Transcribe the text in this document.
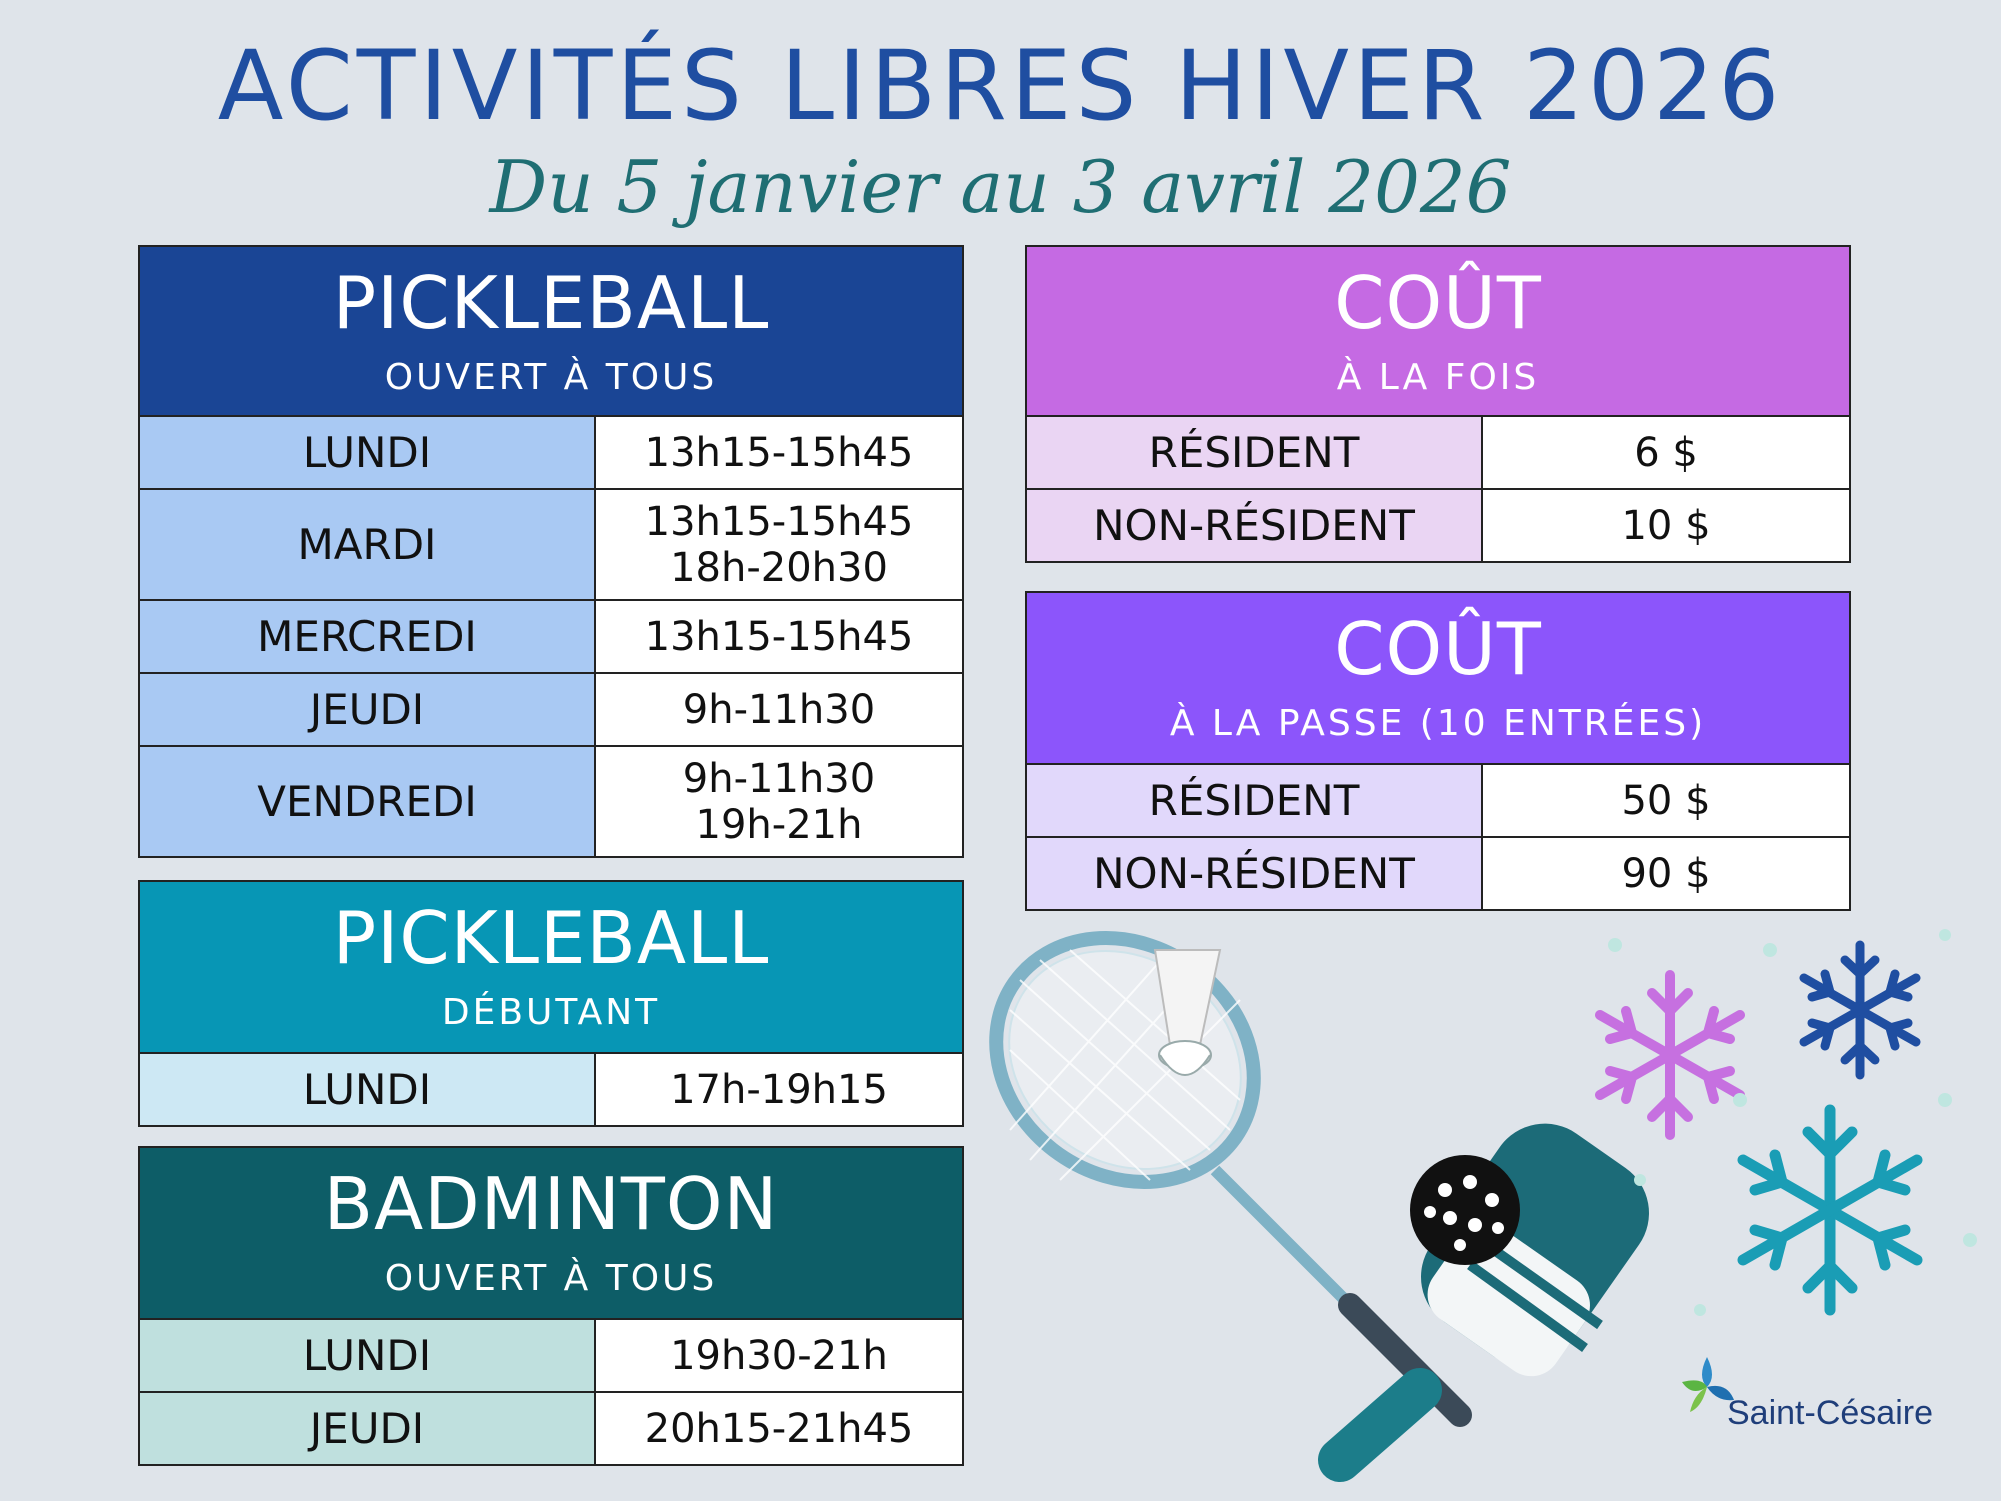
ACTIVITÉS LIBRES HIVER 2026
Du 5 janvier au 3 avril 2026
PICKLEBALL
OUVERT À TOUS
LUNDI	13h15-15h45
MARDI	13h15-15h45
18h-20h30
MERCREDI	13h15-15h45
JEUDI	9h-11h30
VENDREDI	9h-11h30
19h-21h
PICKLEBALL
DÉBUTANT
LUNDI	17h-19h15
BADMINTON
OUVERT À TOUS
LUNDI	19h30-21h
JEUDI	20h15-21h45
COÛT
À LA FOIS
RÉSIDENT	6 $
NON-RÉSIDENT	10 $
COÛT
À LA PASSE (10 ENTRÉES)
RÉSIDENT	50 $
NON-RÉSIDENT	90 $
Saint-Césaire
